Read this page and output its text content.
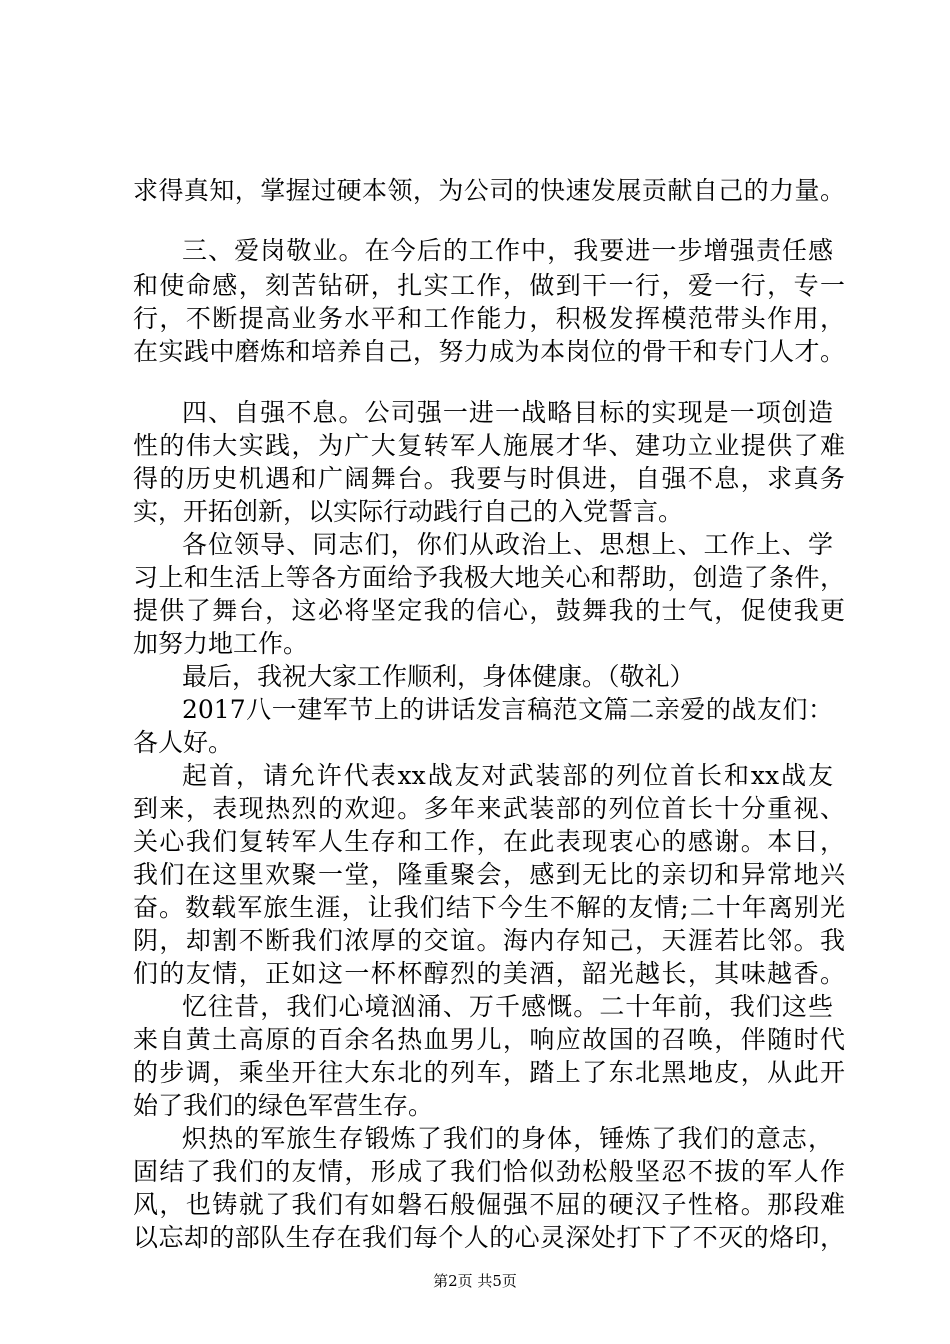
求得真知，掌握过硬本领，为公司的快速发展贡献自己的力量。
三、爱岗敬业。在今后的工作中，我要进一步增强责任感
和使命感，刻苦钻研，扎实工作，做到干一行，爱一行，专一
行，不断提高业务水平和工作能力，积极发挥模范带头作用，
在实践中磨炼和培养自己，努力成为本岗位的骨干和专门人才。
四、自强不息。公司强一进一战略目标的实现是一项创造
性的伟大实践，为广大复转军人施展才华、建功立业提供了难
得的历史机遇和广阔舞台。我要与时俱进，自强不息，求真务
实，开拓创新，以实际行动践行自己的入党誓言。
各位领导、同志们，你们从政治上、思想上、工作上、学
习上和生活上等各方面给予我极大地关心和帮助，创造了条件，
提供了舞台，这必将坚定我的信心，鼓舞我的士气，促使我更
加努力地工作。
最后，我祝大家工作顺利，身体健康。（敬礼）
2017八一建军节上的讲话发言稿范文篇二亲爱的战友们：
各人好。
起首，请允许代表xx战友对武装部的列位首长和xx战友
到来，表现热烈的欢迎。多年来武装部的列位首长十分重视、
关心我们复转军人生存和工作，在此表现衷心的感谢。本日，
我们在这里欢聚一堂，隆重聚会，感到无比的亲切和异常地兴
奋。数载军旅生涯，让我们结下今生不解的友情;二十年离别光
阴，却割不断我们浓厚的交谊。海内存知己，天涯若比邻。我
们的友情，正如这一杯杯醇烈的美酒，韶光越长，其味越香。
忆往昔，我们心境汹涌、万千感慨。二十年前，我们这些
来自黄土高原的百余名热血男儿，响应故国的召唤，伴随时代
的步调，乘坐开往大东北的列车，踏上了东北黑地皮，从此开
始了我们的绿色军营生存。
炽热的军旅生存锻炼了我们的身体，锤炼了我们的意志，
固结了我们的友情，形成了我们恰似劲松般坚忍不拔的军人作
风，也铸就了我们有如磐石般倔强不屈的硬汉子性格。那段难
以忘却的部队生存在我们每个人的心灵深处打下了不灭的烙印，
第2页 共5页
